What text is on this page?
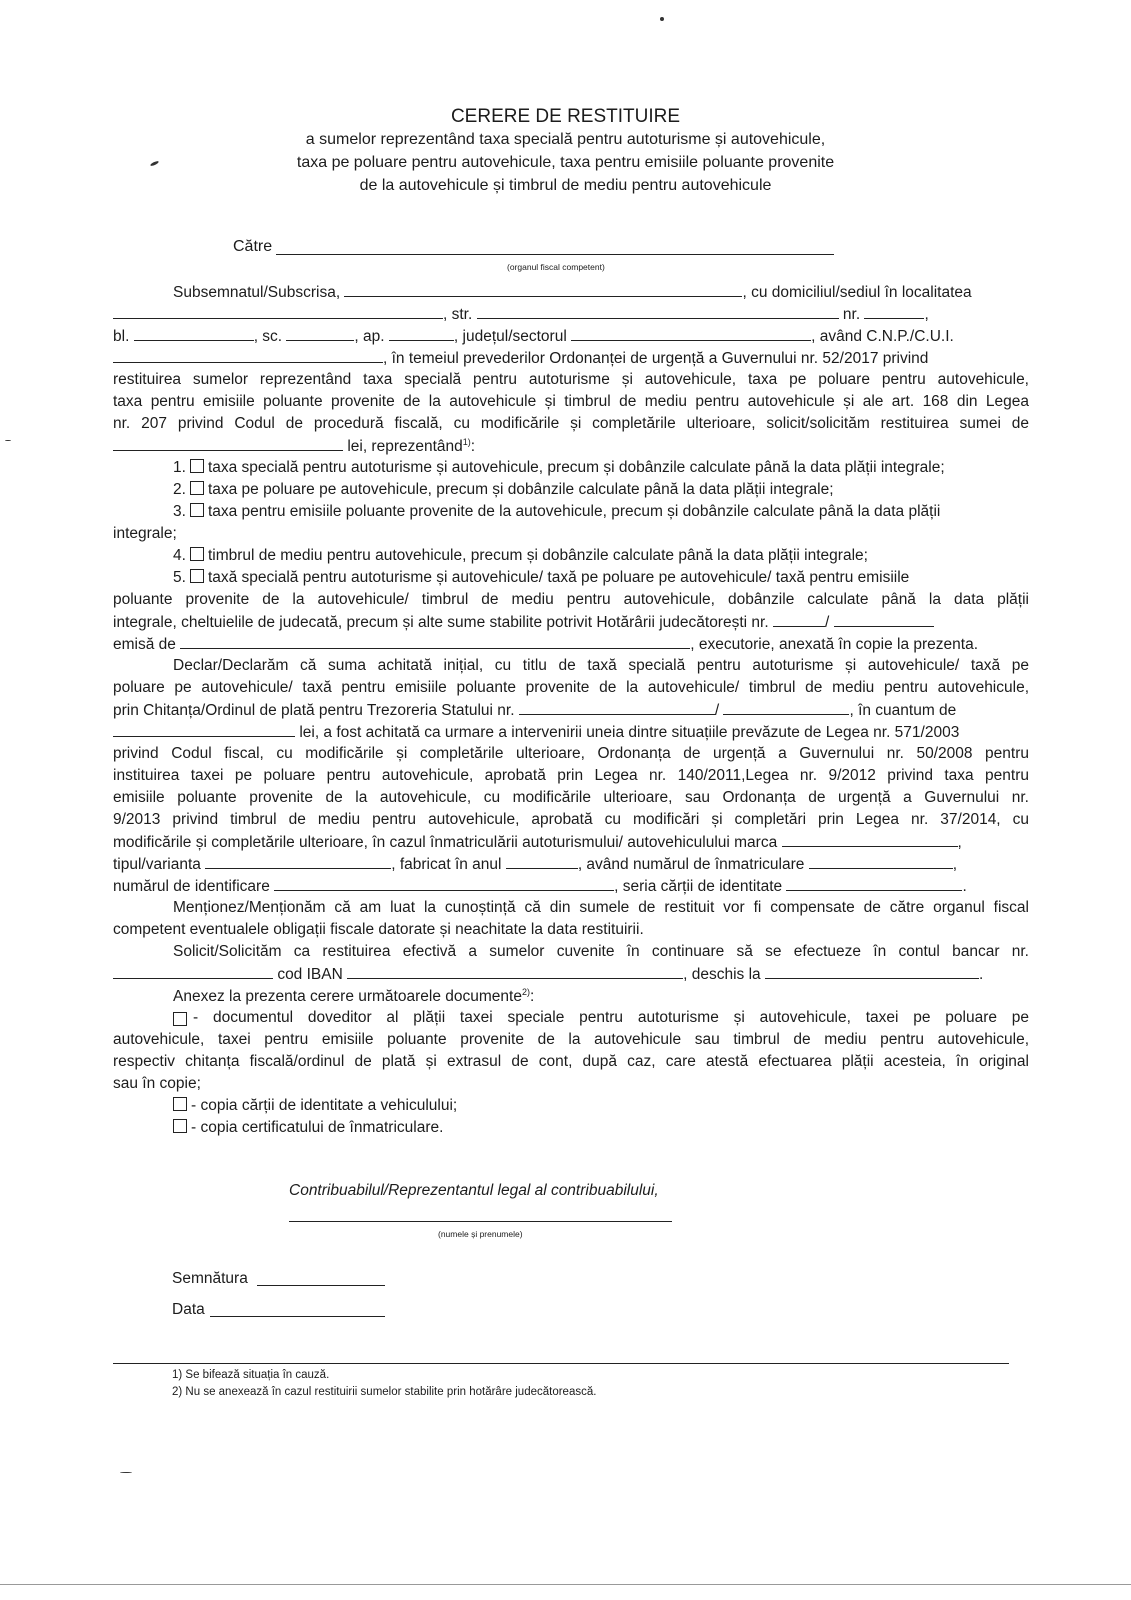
CERERE DE RESTITUIRE
a sumelor reprezentând taxa specială pentru autoturisme și autovehicule,
taxa pe poluare pentru autovehicule, taxa pentru emisiile poluante provenite
de la autovehicule și timbrul de mediu pentru autovehicule
Către
(organul fiscal competent)
Subsemnatul/Subscrisa,	, cu domiciliul/sediul în localitatea
, str.	nr.	,
bl.	, sc.	, ap.	, județul/sectorul	, având C.N.P./C.U.I.
, în temeiul prevederilor Ordonanței de urgență a Guvernului nr. 52/2017 privind
restituirea sumelor reprezentând taxa specială pentru autoturisme și autovehicule, taxa pe poluare pentru autovehicule,
taxa pentru emisiile poluante provenite de la autovehicule și timbrul de mediu pentru autovehicule și ale art. 168 din Legea
nr. 207 privind Codul de procedură fiscală, cu modificările și completările ulterioare, solicit/solicităm restituirea sumei de
lei, reprezentând$^{1)}$:
1. taxa specială pentru autoturisme și autovehicule, precum și dobânzile calculate până la data plății integrale;
2. taxa pe poluare pe autovehicule, precum și dobânzile calculate până la data plății integrale;
3. taxa pentru emisiile poluante provenite de la autovehicule, precum și dobânzile calculate până la data plății
integrale;
4. timbrul de mediu pentru autovehicule, precum și dobânzile calculate până la data plății integrale;
5. taxă specială pentru autoturisme și autovehicule/ taxă pe poluare pe autovehicule/ taxă pentru emisiile
poluante provenite de la autovehicule/ timbrul de mediu pentru autovehicule, dobânzile calculate până la data plății
integrale, cheltuielile de judecată, precum și alte sume stabilite potrivit Hotărârii judecătorești nr.	/
emisă de	, executorie, anexată în copie la prezenta.
Declar/Declarăm că suma achitată inițial, cu titlu de taxă specială pentru autoturisme și autovehicule/ taxă pe
poluare pe autovehicule/ taxă pentru emisiile poluante provenite de la autovehicule/ timbrul de mediu pentru autovehicule,
prin Chitanța/Ordinul de plată pentru Trezoreria Statului nr.	/	, în cuantum de
lei, a fost achitată ca urmare a intervenirii uneia dintre situațiile prevăzute de Legea nr. 571/2003
privind Codul fiscal, cu modificările și completările ulterioare, Ordonanța de urgență a Guvernului nr. 50/2008 pentru
instituirea taxei pe poluare pentru autovehicule, aprobată prin Legea nr. 140/2011,Legea nr. 9/2012 privind taxa pentru
emisiile poluante provenite de la autovehicule, cu modificările ulterioare, sau Ordonanța de urgență a Guvernului nr.
9/2013 privind timbrul de mediu pentru autovehicule, aprobată cu modificări și completări prin Legea nr. 37/2014, cu
modificările și completările ulterioare, în cazul înmatriculării autoturismului/ autovehiculului marca	,
tipul/varianta	, fabricat în anul	, având numărul de înmatriculare	,
numărul de identificare	, seria cărții de identitate	.
Menționez/Menționăm că am luat la cunoștință că din sumele de restituit vor fi compensate de către organul fiscal
competent eventualele obligații fiscale datorate și neachitate la data restituirii.
Solicit/Solicităm ca restituirea efectivă a sumelor cuvenite în continuare să se efectueze în contul bancar nr.
cod IBAN	, deschis la	.
Anexez la prezenta cerere următoarele documente$^{2)}$:
- documentul doveditor al plății taxei speciale pentru autoturisme și autovehicule, taxei pe poluare pe
autovehicule, taxei pentru emisiile poluante provenite de la autovehicule sau timbrul de mediu pentru autovehicule,
respectiv chitanța fiscală/ordinul de plată și extrasul de cont, după caz, care atestă efectuarea plății acesteia, în original
sau în copie;
- copia cărții de identitate a vehiculului;
- copia certificatului de înmatriculare.
Contribuabilul/Reprezentantul legal al contribuabilului,
(numele și prenumele)
Semnătura
Data
1) Se bifează situația în cauză.
2) Nu se anexează în cazul restituirii sumelor stabilite prin hotărâre judecătorească.
